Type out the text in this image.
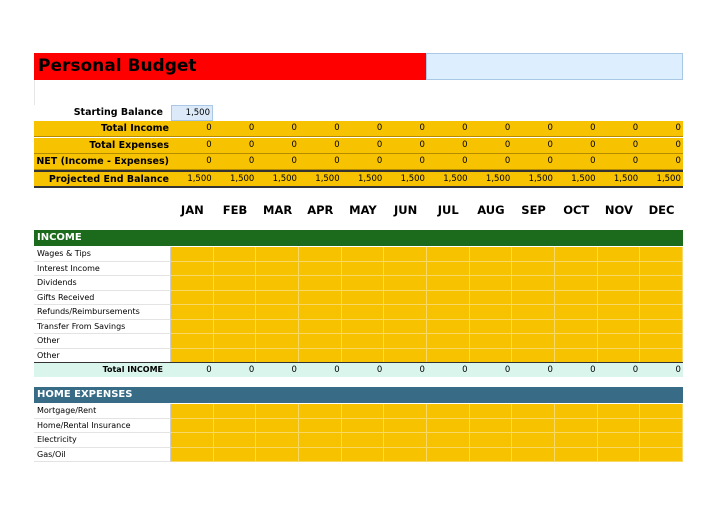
Personal Budget
Starting Balance	1,500
Total Income	0	0	0	0	0	0	0	0	0	0	0	0
Total Expenses	0	0	0	0	0	0	0	0	0	0	0	0
NET (Income - Expenses)	0	0	0	0	0	0	0	0	0	0	0	0
Projected End Balance	1,500	1,500	1,500	1,500	1,500	1,500	1,500	1,500	1,500	1,500	1,500	1,500
JAN	FEB	MAR	APR	MAY	JUN	JUL	AUG	SEP	OCT	NOV	DEC
INCOME
Wages & Tips
Interest Income
Dividends
Gifts Received
Refunds/Reimbursements
Transfer From Savings
Other
Other
Total INCOME	0	0	0	0	0	0	0	0	0	0	0	0
HOME EXPENSES
Mortgage/Rent
Home/Rental Insurance
Electricity
Gas/Oil
